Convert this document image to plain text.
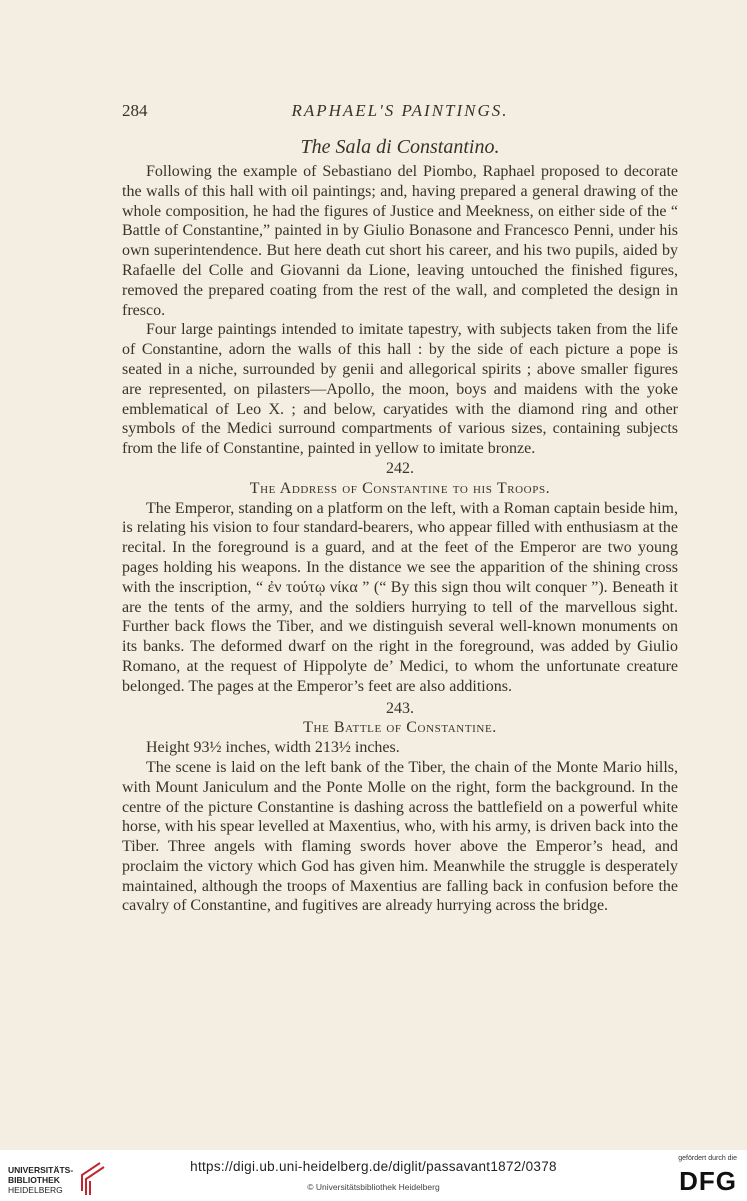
284	RAPHAEL'S PAINTINGS.
The Sala di Constantino.

Following the example of Sebastiano del Piombo, Raphael proposed to decorate the walls of this hall with oil paintings; and, having prepared a general drawing of the whole composition, he had the figures of Justice and Meekness, on either side of the “ Battle of Constantine,” painted in by Giulio Bonasone and Francesco Penni, under his own superintendence. But here death cut short his career, and his two pupils, aided by Rafaelle del Colle and Giovanni da Lione, leaving untouched the finished figures, removed the prepared coating from the rest of the wall, and completed the design in fresco.

Four large paintings intended to imitate tapestry, with subjects taken from the life of Constantine, adorn the walls of this hall : by the side of each picture a pope is seated in a niche, surrounded by genii and allegorical spirits ; above smaller figures are represented, on pilasters—Apollo, the moon, boys and maidens with the yoke emblematical of Leo X. ; and below, caryatides with the diamond ring and other symbols of the Medici surround compartments of various sizes, containing subjects from the life of Constantine, painted in yellow to imitate bronze.

242.

The Address of Constantine to his Troops.

The Emperor, standing on a platform on the left, with a Roman captain beside him, is relating his vision to four standard-bearers, who appear filled with enthusiasm at the recital. In the foreground is a guard, and at the feet of the Emperor are two young pages holding his weapons. In the distance we see the apparition of the shining cross with the inscription, “ ἐν τούτῳ νίκα ” (“ By this sign thou wilt conquer ”). Beneath it are the tents of the army, and the soldiers hurrying to tell of the marvellous sight. Further back flows the Tiber, and we distinguish several well-known monuments on its banks. The deformed dwarf on the right in the foreground, was added by Giulio Romano, at the request of Hippolyte de’ Medici, to whom the unfortunate creature belonged. The pages at the Emperor’s feet are also additions.

243.

The Battle of Constantine.

Height 93½ inches, width 213½ inches.

The scene is laid on the left bank of the Tiber, the chain of the Monte Mario hills, with Mount Janiculum and the Ponte Molle on the right, form the background. In the centre of the picture Constantine is dashing across the battlefield on a powerful white horse, with his spear levelled at Maxentius, who, with his army, is driven back into the Tiber. Three angels with flaming swords hover above the Emperor’s head, and proclaim the victory which God has given him. Meanwhile the struggle is desperately maintained, although the troops of Maxentius are falling back in confusion before the cavalry of Constantine, and fugitives are already hurrying across the bridge.

UNIVERSITÄTS-
BIBLIOTHEK
HEIDELBERG
https://digi.ub.uni-heidelberg.de/diglit/passavant1872/0378
© Universitätsbibliothek Heidelberg
gefördert durch die
DFG
